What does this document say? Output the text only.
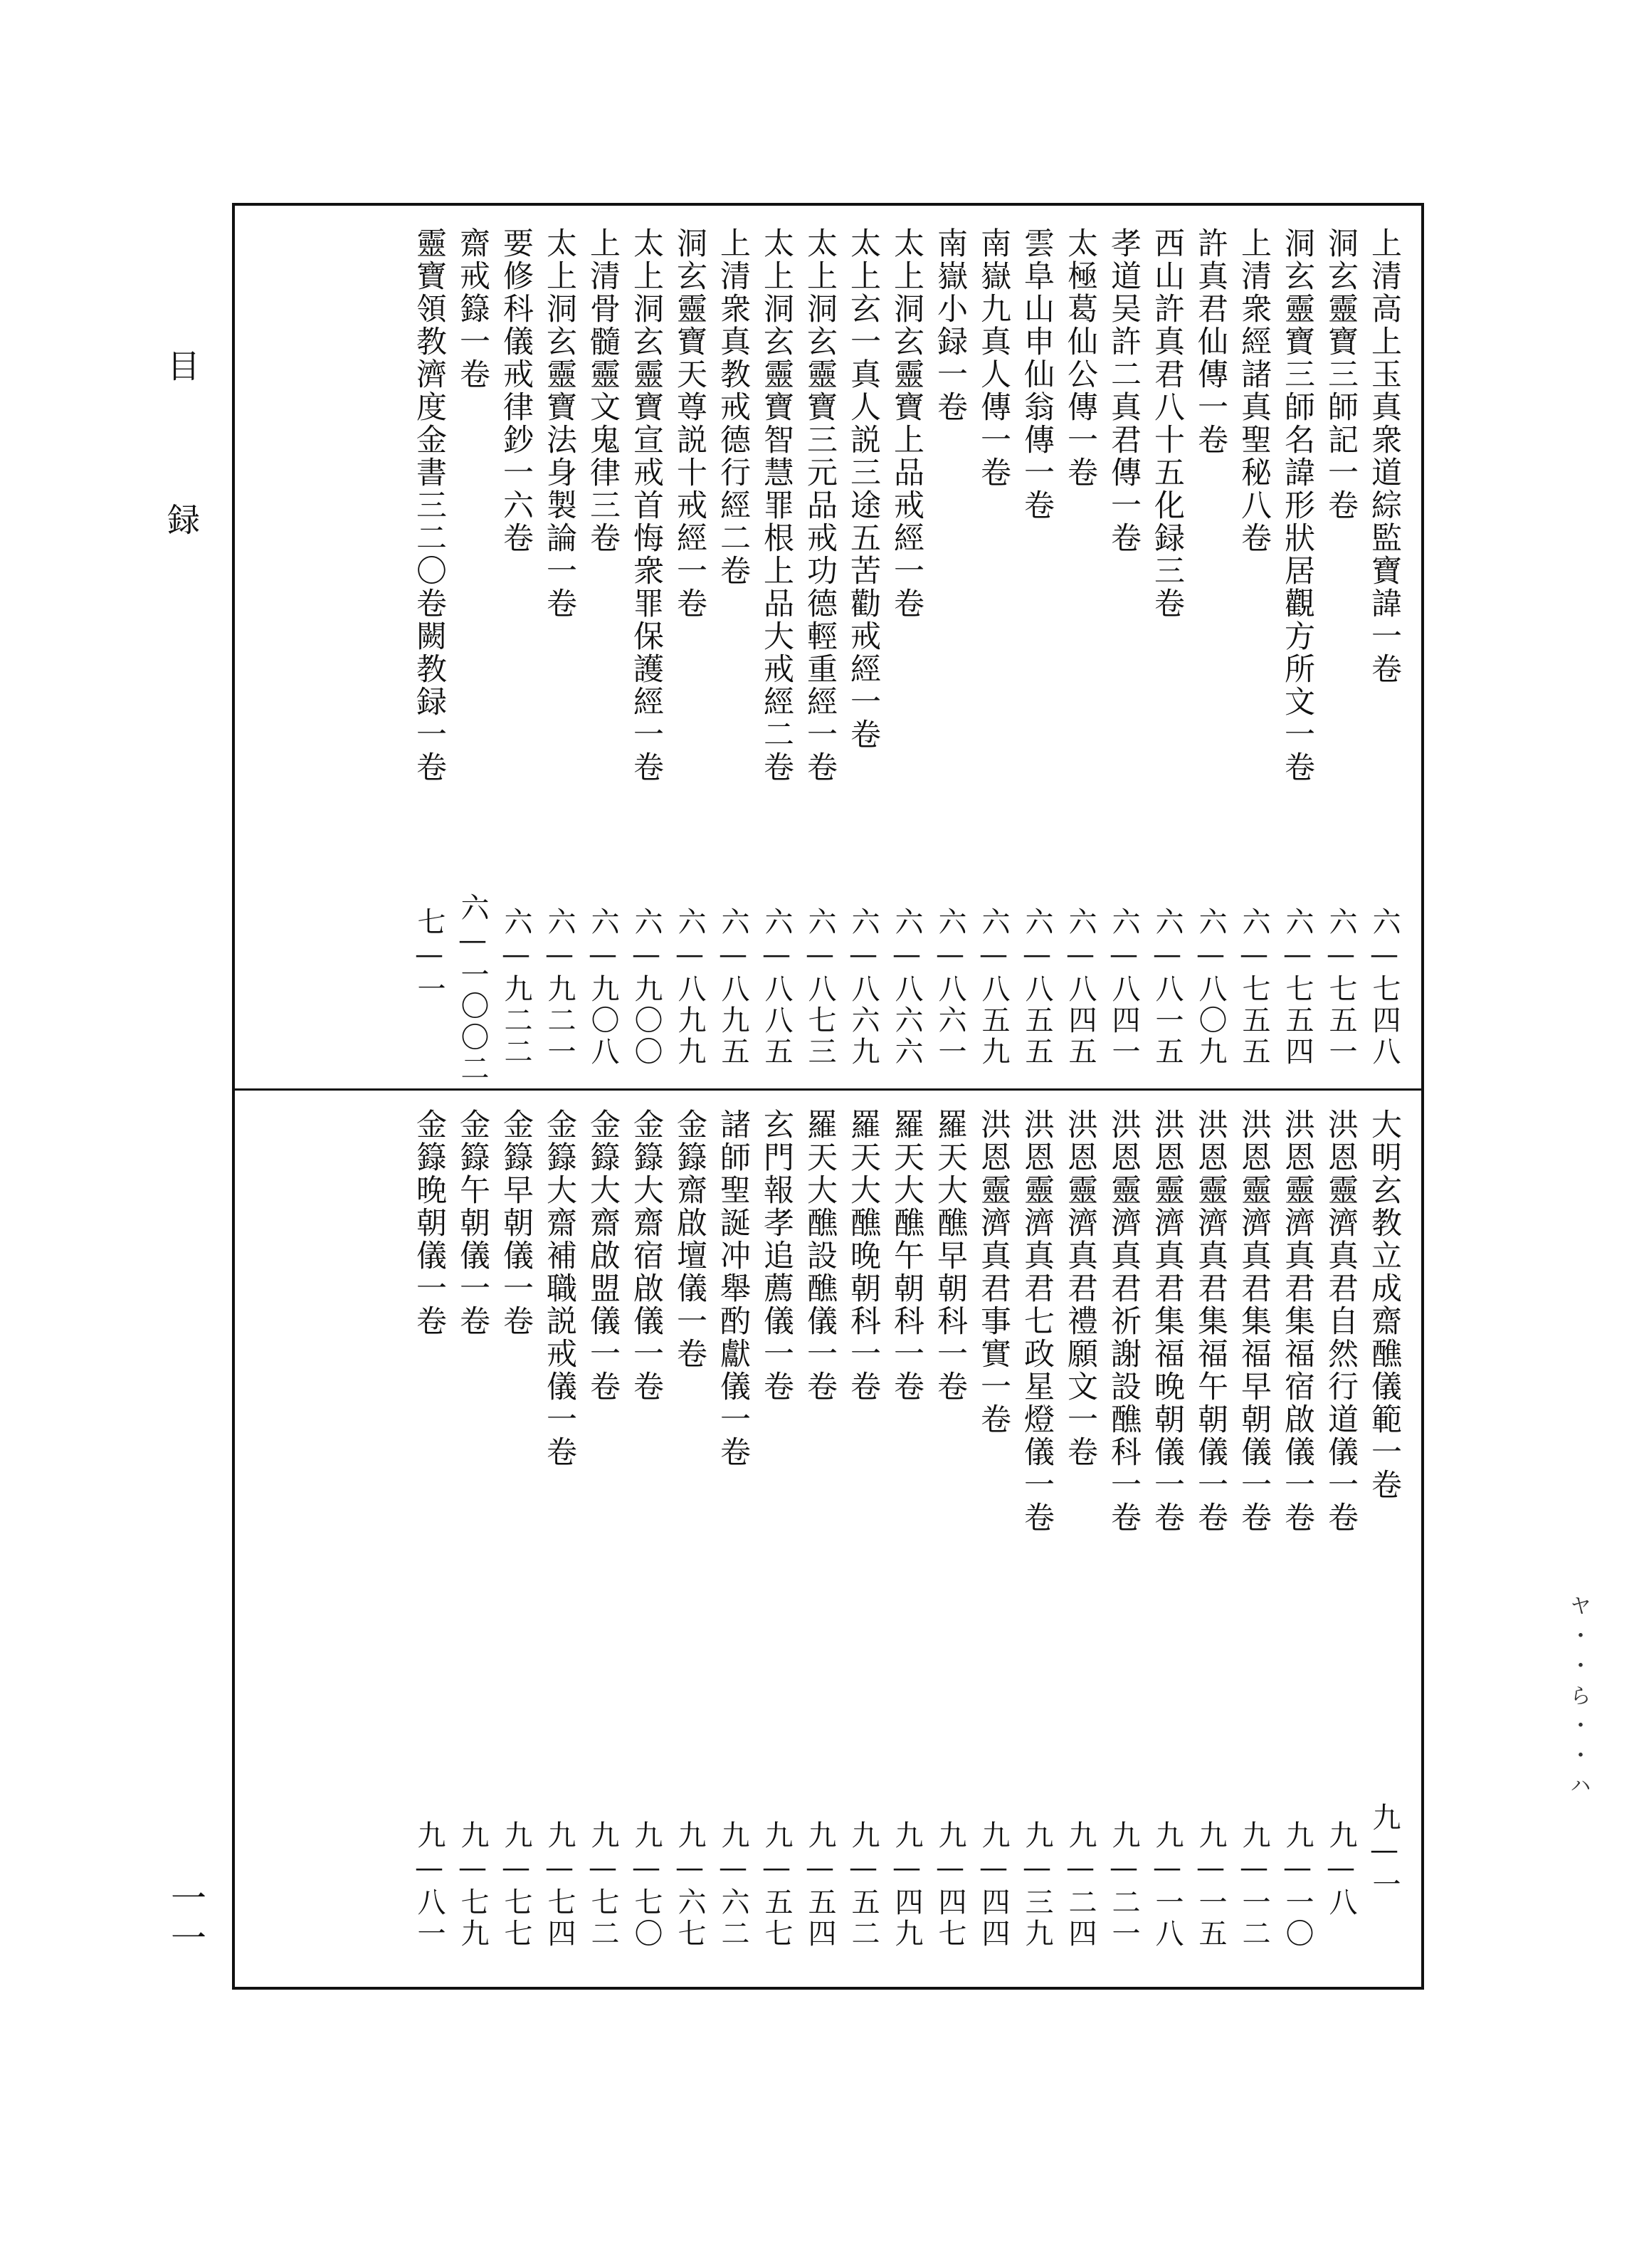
目録
一一
ヤ・・ら・・ハ
上清高上玉真衆道綜監寶諱一卷
六—七四八
洞玄靈寶三師記一卷
六—七五一
洞玄靈寶三師名諱形狀居觀方所文一卷
六—七五四
上清衆經諸真聖秘八卷
六—七五五
許真君仙傳一卷
六—八〇九
西山許真君八十五化録三卷
六—八一五
孝道吴許二真君傳一卷
六—八四一
太極葛仙公傳一卷
六—八四五
雲阜山申仙翁傳一卷
六—八五五
南嶽九真人傳一卷
六—八五九
南嶽小録一卷
六—八六一
太上洞玄靈寶上品戒經一卷
六—八六六
太上玄一真人説三途五苦勸戒經一卷
六—八六九
太上洞玄靈寶三元品戒功德輕重經一卷
六—八七三
太上洞玄靈寶智慧罪根上品大戒經二卷
六—八八五
上清衆真教戒德行經二卷
六—八九五
洞玄靈寶天尊説十戒經一卷
六—八九九
太上洞玄靈寶宣戒首悔衆罪保護經一卷
六—九〇〇
上清骨髓靈文鬼律三卷
六—九〇八
太上洞玄靈寶法身製論一卷
六—九二一
要修科儀戒律鈔一六卷
六—九二二
齋戒籙一卷
六—一〇〇二
靈寶領教濟度金書三二〇卷闕教録一卷
七—一
大明玄教立成齋醮儀範一卷
九—一
洪恩靈濟真君自然行道儀一卷
九—八
洪恩靈濟真君集福宿啟儀一卷
九—一〇
洪恩靈濟真君集福早朝儀一卷
九—一二
洪恩靈濟真君集福午朝儀一卷
九—一五
洪恩靈濟真君集福晚朝儀一卷
九—一八
洪恩靈濟真君祈謝設醮科一卷
九—二一
洪恩靈濟真君禮願文一卷
九—二四
洪恩靈濟真君七政星燈儀一卷
九—三九
洪恩靈濟真君事實一卷
九—四四
羅天大醮早朝科一卷
九—四七
羅天大醮午朝科一卷
九—四九
羅天大醮晚朝科一卷
九—五二
羅天大醮設醮儀一卷
九—五四
玄門報孝追薦儀一卷
九—五七
諸師聖誕冲舉酌獻儀一卷
九—六二
金籙齋啟壇儀一卷
九—六七
金籙大齋宿啟儀一卷
九—七〇
金籙大齋啟盟儀一卷
九—七二
金籙大齋補職説戒儀一卷
九—七四
金籙早朝儀一卷
九—七七
金籙午朝儀一卷
九—七九
金籙晚朝儀一卷
九—八一
